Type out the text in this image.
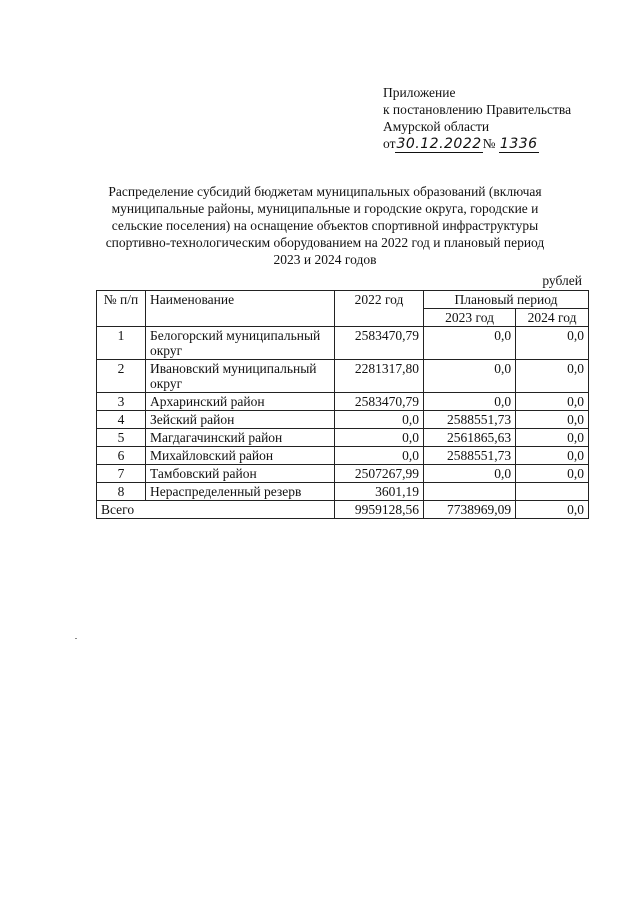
Приложение
к постановлению Правительства
Амурской области
от30.12.2022№ 1336
Распределение субсидий бюджетам муниципальных образований (включая муниципальные районы, муниципальные и городские округа, городские и сельские поселения) на оснащение объектов спортивной инфраструктуры спортивно-технологическим оборудованием на 2022 год и плановый период 2023 и 2024 годов
рублей
№ п/п	Наименование	2022 год	Плановый период	
			2023 год	2024 год
1	Белогорский муниципальный округ	2583470,79	0,0	0,0
2	Ивановский муниципальный округ	2281317,80	0,0	0,0
3	Архаринский район	2583470,79	0,0	0,0
4	Зейский район	0,0	2588551,73	0,0
5	Магдагачинский район	0,0	2561865,63	0,0
6	Михайловский район	0,0	2588551,73	0,0
7	Тамбовский район	2507267,99	0,0	0,0
8	Нераспределенный резерв	3601,19		
Всего		9959128,56	7738969,09	0,0
